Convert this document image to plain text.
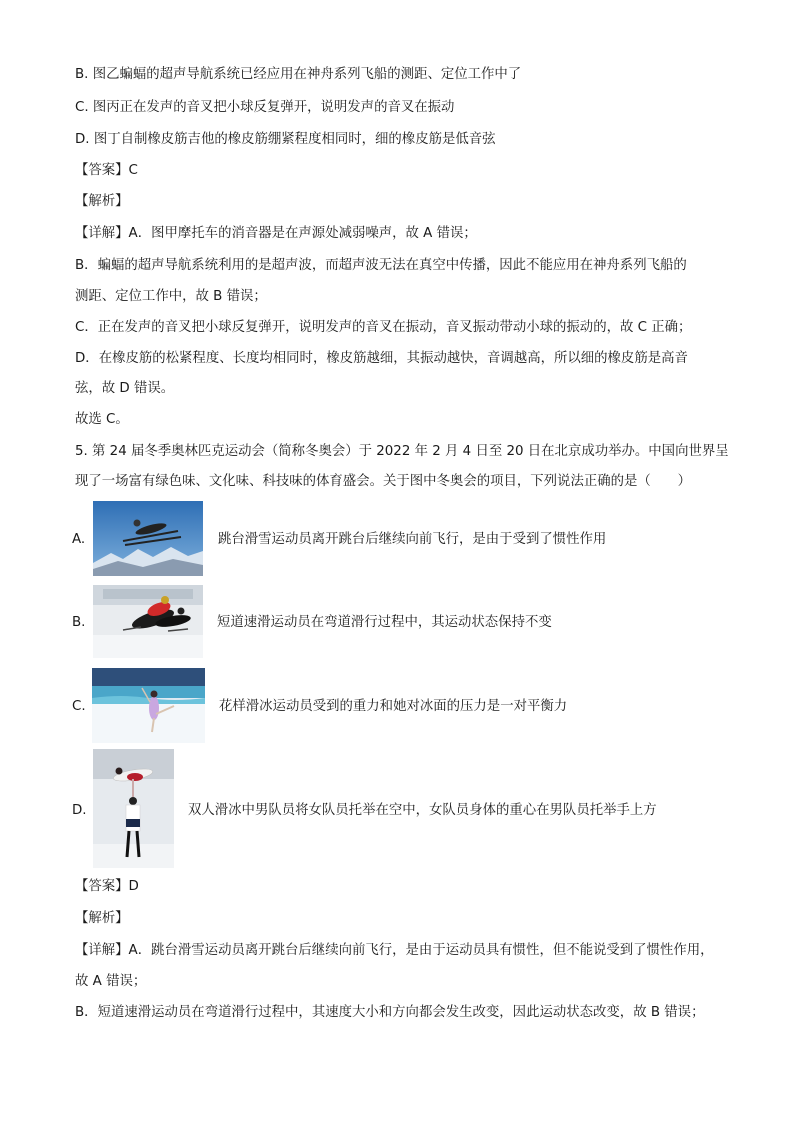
B. 图乙蝙蝠的超声导航系统已经应用在神舟系列飞船的测距、定位工作中了
C. 图丙正在发声的音叉把小球反复弹开，说明发声的音叉在振动
D. 图丁自制橡皮筋吉他的橡皮筋绷紧程度相同时，细的橡皮筋是低音弦
【答案】C
【解析】
【详解】A．图甲摩托车的消音器是在声源处减弱噪声，故 A 错误；
B．蝙蝠的超声导航系统利用的是超声波，而超声波无法在真空中传播，因此不能应用在神舟系列飞船的
测距、定位工作中，故 B 错误；
C．正在发声的音叉把小球反复弹开，说明发声的音叉在振动，音叉振动带动小球的振动的，故 C 正确；
D．在橡皮筋的松紧程度、长度均相同时，橡皮筋越细，其振动越快，音调越高，所以细的橡皮筋是高音
弦，故 D 错误。
故选 C。
5. 第 24 届冬季奥林匹克运动会（简称冬奥会）于 2022 年 2 月 4 日至 20 日在北京成功举办。中国向世界呈
现了一场富有绿色味、文化味、科技味的体育盛会。关于图中冬奥会的项目，下列说法正确的是（　　）
A.	跳台滑雪运动员离开跳台后继续向前飞行，是由于受到了惯性作用
B.	短道速滑运动员在弯道滑行过程中，其运动状态保持不变
C.	花样滑冰运动员受到的重力和她对冰面的压力是一对平衡力
D.	双人滑冰中男队员将女队员托举在空中，女队员身体的重心在男队员托举手上方
【答案】D
【解析】
【详解】A．跳台滑雪运动员离开跳台后继续向前飞行，是由于运动员具有惯性，但不能说受到了惯性作用，
故 A 错误；
B．短道速滑运动员在弯道滑行过程中，其速度大小和方向都会发生改变，因此运动状态改变，故 B 错误；
